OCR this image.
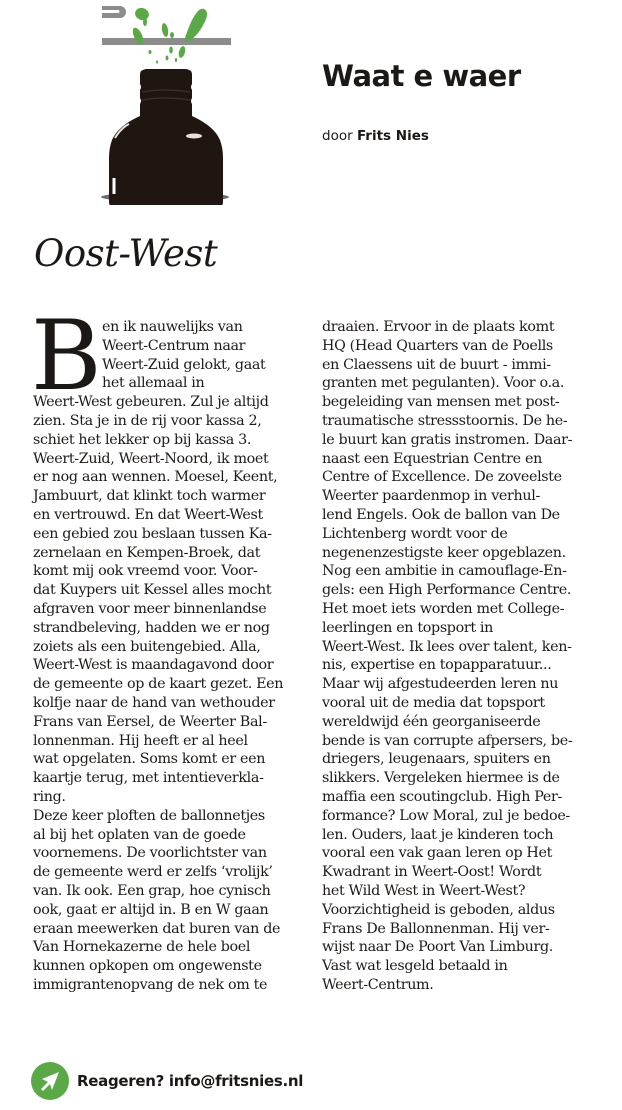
Waat e waer
door Frits Nies
Oost-West
B en ik nauwelijks van
Weert-Centrum naar
Weert-Zuid gelokt, gaat
het allemaal in
Weert-West gebeuren. Zul je altijd
zien. Sta je in de rij voor kassa 2,
schiet het lekker op bij kassa 3.
Weert-Zuid, Weert-Noord, ik moet
er nog aan wennen. Moesel, Keent,
Jambuurt, dat klinkt toch warmer
en vertrouwd. En dat Weert-West
een gebied zou beslaan tussen Ka-
zernelaan en Kempen-Broek, dat
komt mij ook vreemd voor. Voor-
dat Kuypers uit Kessel alles mocht
afgraven voor meer binnenlandse
strandbeleving, hadden we er nog
zoiets als een buitengebied. Alla,
Weert-West is maandagavond door
de gemeente op de kaart gezet. Een
kolfje naar de hand van wethouder
Frans van Eersel, de Weerter Bal-
lonnenman. Hij heeft er al heel
wat opgelaten. Soms komt er een
kaartje terug, met intentieverkla-
ring.
Deze keer ploften de ballonnetjes
al bij het oplaten van de goede
voornemens. De voorlichtster van
de gemeente werd er zelfs ‘vrolijk’
van. Ik ook. Een grap, hoe cynisch
ook, gaat er altijd in. B en W gaan
eraan meewerken dat buren van de
Van Hornekazerne de hele boel
kunnen opkopen om ongewenste
immigrantenopvang de nek om te
draaien. Ervoor in de plaats komt
HQ (Head Quarters van de Poells
en Claessens uit de buurt - immi-
granten met pegulanten). Voor o.a.
begeleiding van mensen met post-
traumatische stressstoornis. De he-
le buurt kan gratis instromen. Daar-
naast een Equestrian Centre en
Centre of Excellence. De zoveelste
Weerter paardenmop in verhul-
lend Engels. Ook de ballon van De
Lichtenberg wordt voor de
negenenzestigste keer opgeblazen.
Nog een ambitie in camouflage-En-
gels: een High Performance Centre.
Het moet iets worden met College-
leerlingen en topsport in
Weert-West. Ik lees over talent, ken-
nis, expertise en topapparatuur...
Maar wij afgestudeerden leren nu
vooral uit de media dat topsport
wereldwijd één georganiseerde
bende is van corrupte afpersers, be-
driegers, leugenaars, spuiters en
slikkers. Vergeleken hiermee is de
maffia een scoutingclub. High Per-
formance? Low Moral, zul je bedoe-
len. Ouders, laat je kinderen toch
vooral een vak gaan leren op Het
Kwadrant in Weert-Oost! Wordt
het Wild West in Weert-West?
Voorzichtigheid is geboden, aldus
Frans De Ballonnenman. Hij ver-
wijst naar De Poort Van Limburg.
Vast wat lesgeld betaald in
Weert-Centrum.
Reageren? info@fritsnies.nl
